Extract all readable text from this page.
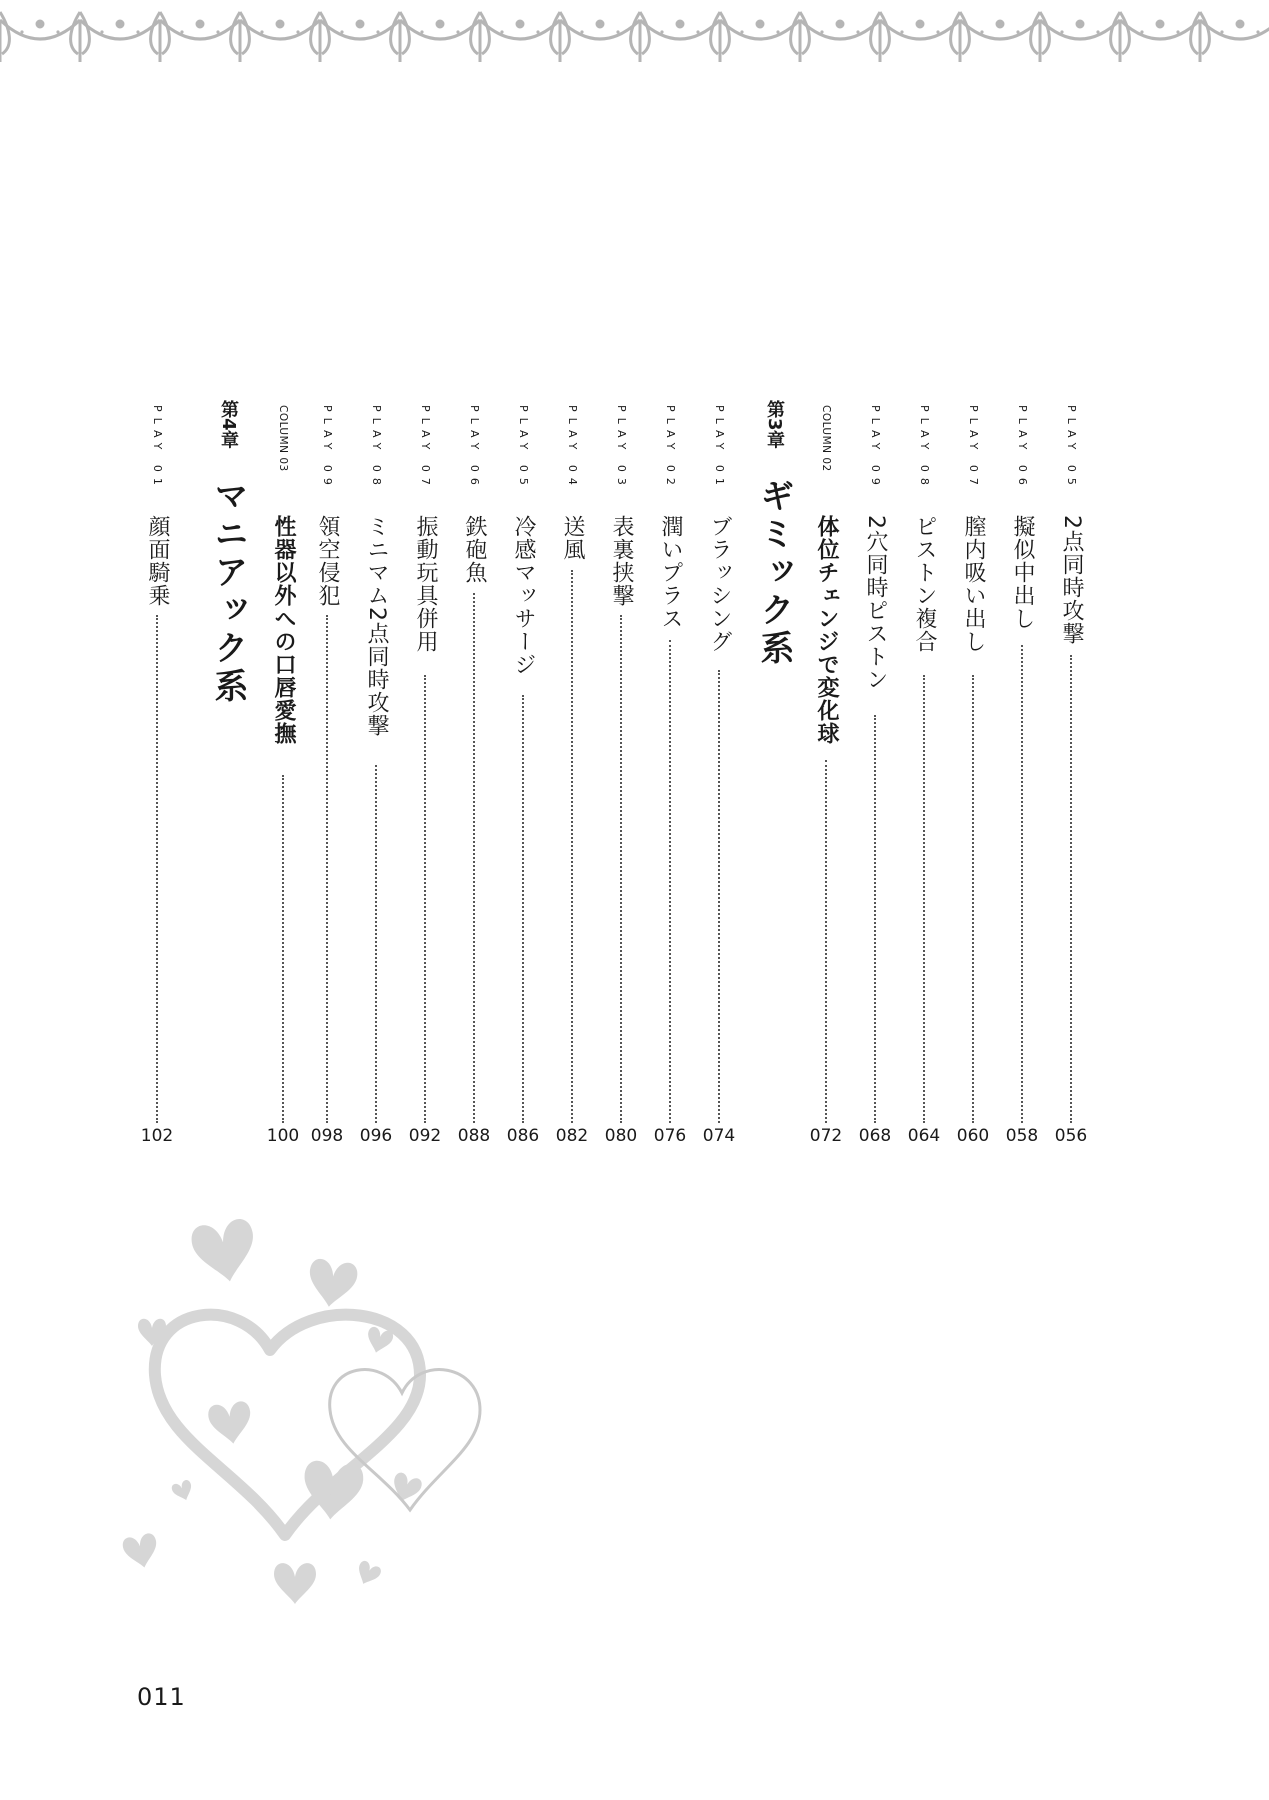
PLAY 05
2点同時攻撃
056
PLAY 06
擬似中出し
058
PLAY 07
膣内吸い出し
060
PLAY 08
ピストン複合
064
PLAY 09
2穴同時ピストン
068
COLUMN 02
体位チェンジで変化球
072
第3章
ギミック系
PLAY 01
ブラッシング
074
PLAY 02
潤いプラス
076
PLAY 03
表裏挟撃
080
PLAY 04
送風
082
PLAY 05
冷感マッサージ
086
PLAY 06
鉄砲魚
088
PLAY 07
振動玩具併用
092
PLAY 08
ミニマム2点同時攻撃
096
PLAY 09
領空侵犯
098
COLUMN 03
性器以外への口唇愛撫
100
第4章
マニアック系
PLAY 01
顔面騎乗
102
011
